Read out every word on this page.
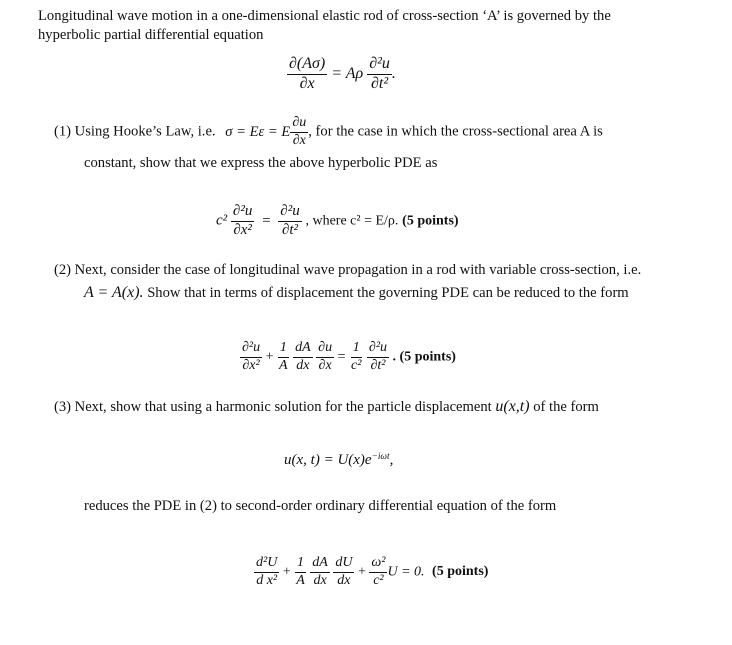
Longitudinal wave motion in a one-dimensional elastic rod of cross-section ‘A’ is governed by the
hyperbolic partial differential equation
$\frac{\partial(A\sigma)}{\partial x} = A\rho \frac{\text{∂²u}}{\text{∂t²}}$ .
(1) Using Hooke’s Law, i.e. σ = Eε = E $\frac{\partial u}{\partial x}$ , for the case in which the cross-sectional area A is
constant, show that we express the above hyperbolic PDE as
$c^2 \frac{\text{∂²u}}{\text{∂x²}} = \frac{\text{∂²u}}{\text{∂t²}}$ , where c² = E/ρ. (5 points)
(2) Next, consider the case of longitudinal wave propagation in a rod with variable cross-section, i.e.
A = A(x). Show that in terms of displacement the governing PDE can be reduced to the form
$\frac{\text{∂²u}}{\text{∂x²}} + \frac{1}{A}$
$\frac{dA}{dx}$
$\frac{\partial u}{\partial x} = \frac{1}{\text{c²}}$
$\frac{\text{∂²u}}{\text{∂t²}}$ . (5 points)
(3) Next, show that using a harmonic solution for the particle displacement u(x,t) of the form
u(x, $t) = U(x)e^{-i\omega t}$,
reduces the PDE in (2) to second-order ordinary differential equation of the form
$\frac{\text{d²U}}{\text{d x²}} + \frac{1}{A}$
$\frac{dA}{dx}$
$\frac{dU}{dx} + \frac{\text{ω²}}{\text{c²}}$ U = 0. (5 points)
